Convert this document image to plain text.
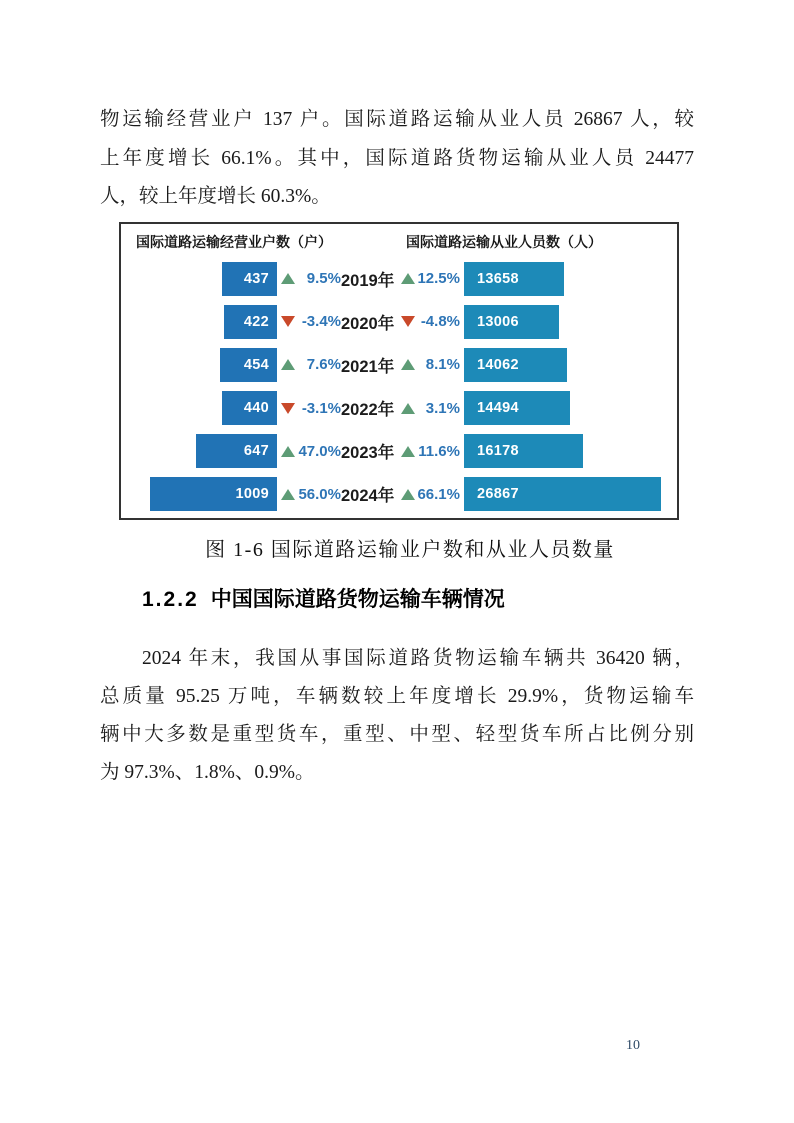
物运输经营业户 137 户。国际道路运输从业人员 26867 人，较
上年度增长 66.1%。其中，国际道路货物运输从业人员 24477
人，较上年度增长 60.3%。

国际道路运输经营业户数（户）	国际道路运输从业人员数（人）
437	9.5% 2019年 12.5% 13658
422	-3.4% 2020年	-4.8% 13006
454	7.6% 2021年	8.1% 14062
440	-3.1% 2022年	3.1% 14494
647 47.0% 2023年 11.6% 16178
1009 56.0% 2024年 66.1% 26867
图 1-6 国际道路运输业户数和从业人员数量
1.2.2 中国国际道路货物运输车辆情况

2024 年末，我国从事国际道路货物运输车辆共 36420 辆，
总质量 95.25 万吨，车辆数较上年度增长 29.9%，货物运输车
辆中大多数是重型货车，重型、中型、轻型货车所占比例分别
为 97.3%、1.8%、0.9%。

10
